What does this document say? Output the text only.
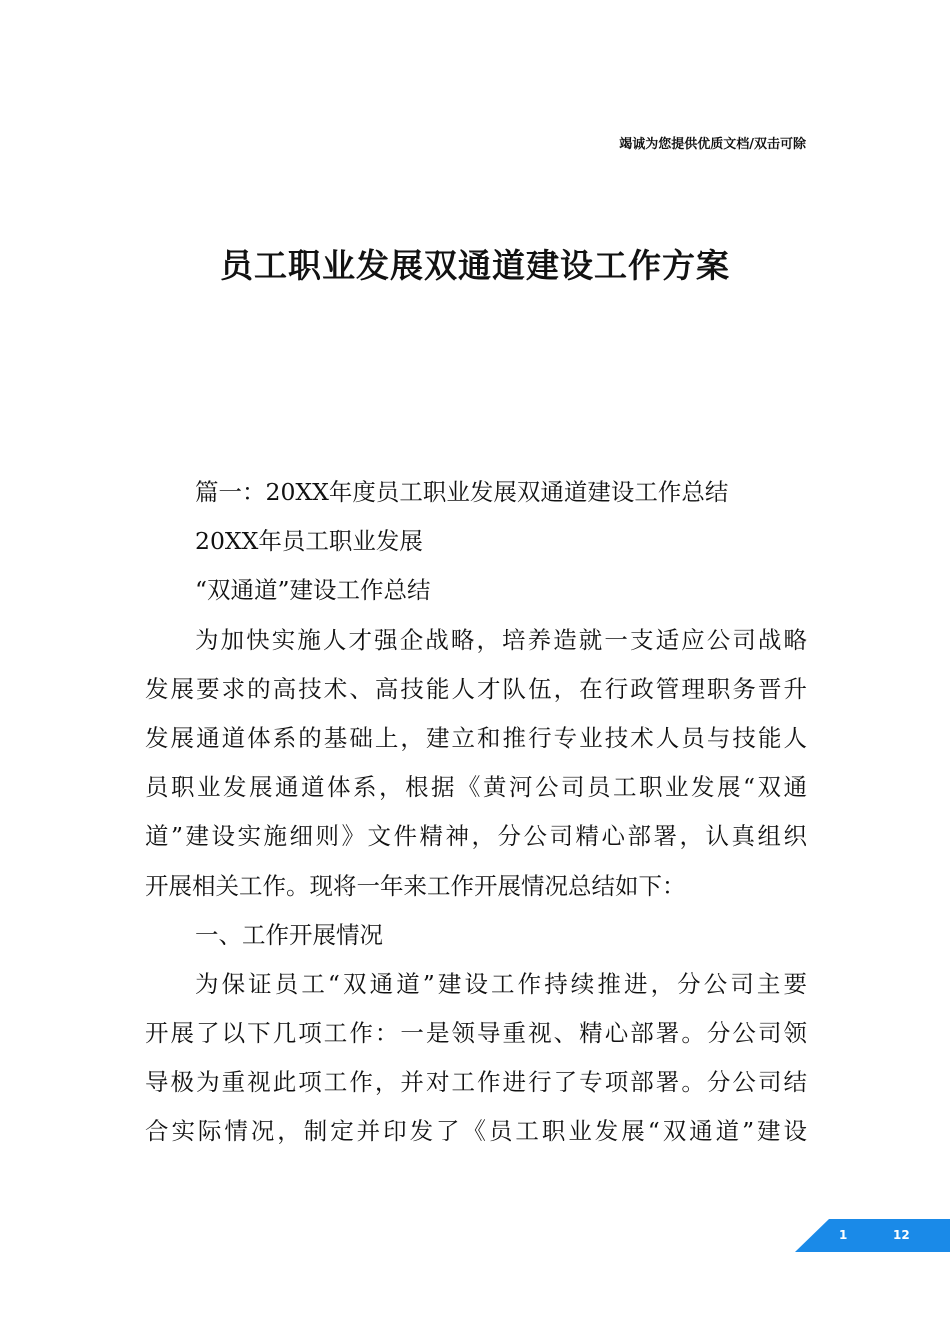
竭诚为您提供优质文档/双击可除
员工职业发展双通道建设工作方案
篇一：20XX年度员工职业发展双通道建设工作总结
20XX年员工职业发展
“双通道”建设工作总结
为加快实施人才强企战略，培养造就一支适应公司战略
发展要求的高技术、高技能人才队伍，在行政管理职务晋升
发展通道体系的基础上，建立和推行专业技术人员与技能人
员职业发展通道体系，根据《黄河公司员工职业发展“双通
道”建设实施细则》文件精神，分公司精心部署，认真组织
开展相关工作。现将一年来工作开展情况总结如下：
一、工作开展情况
为保证员工“双通道”建设工作持续推进，分公司主要
开展了以下几项工作：一是领导重视、精心部署。分公司领
导极为重视此项工作，并对工作进行了专项部署。分公司结
合实际情况，制定并印发了《员工职业发展“双通道”建设
1	12
